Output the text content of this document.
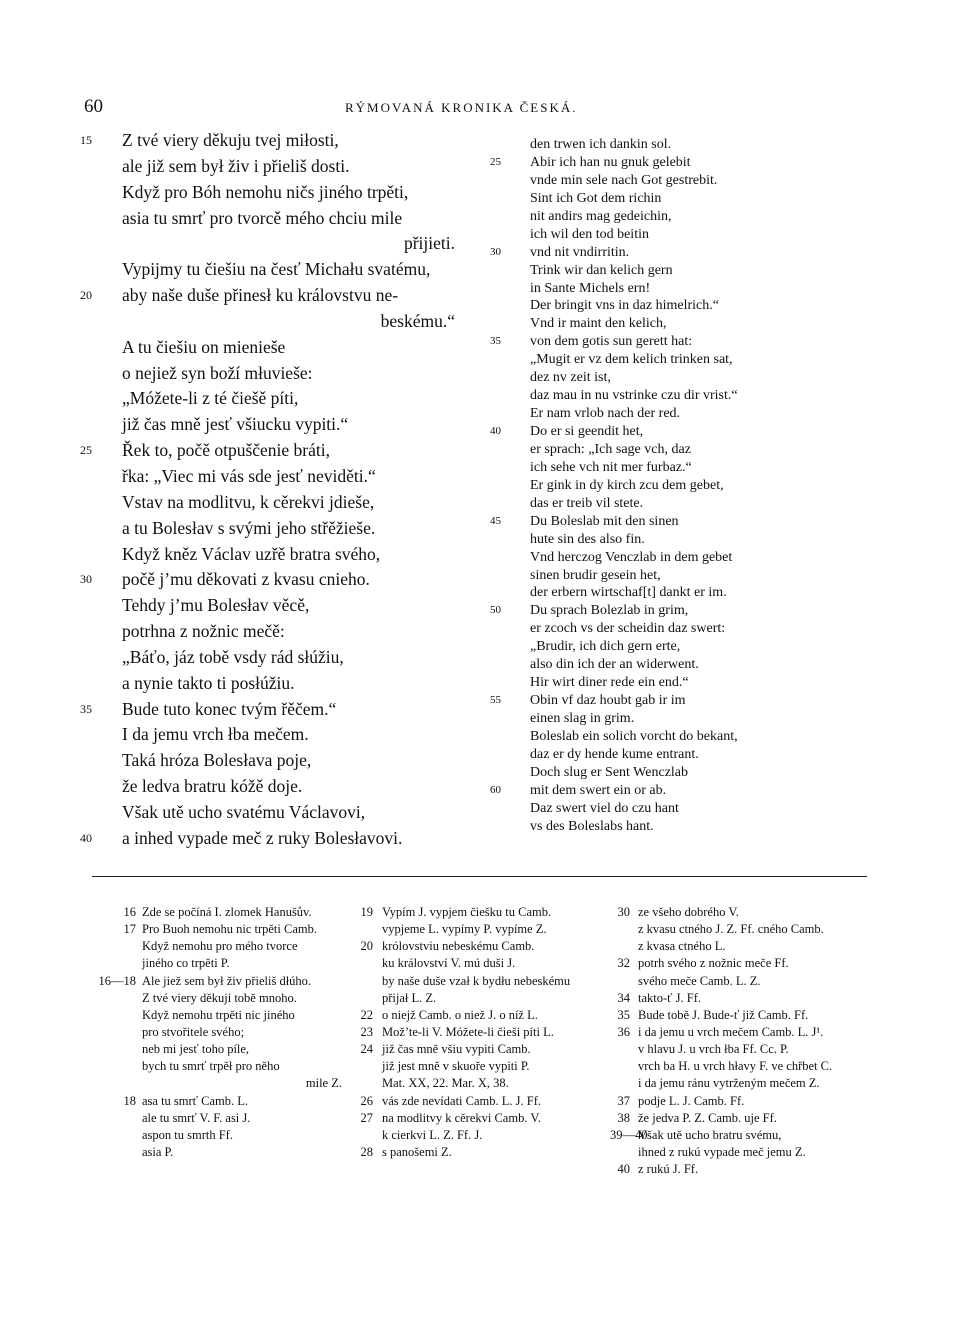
60	RÝMOVANÁ KRONIKA ČESKÁ.
15	Z tvé viery děkuju tvej miłosti,
ale již sem był živ i přieliš dosti.
Když pro Bóh nemohu ničs jiného trpěti,
asia tu smrť pro tvorcě mého chciu mile
přijieti.
Vypijmy tu čiešiu na česť Michału svatému,
20	aby naše duše přinesł ku královstvu ne-
beskému.“
A tu čiešiu on mieniеše
o nejiež syn boží młuvieše:
„Móžete-li z té čiešě píti,
již čas mně jesť všiucku vypiti.“
25	Řek to, počě otpuščenie bráti,
řka: „Viec mi vás sde jesť neviděti.“
Vstav na modlitvu, k cěrekvi jdieše,
a tu Bolesłav s svými jeho střěžieše.
Když kněz Václav uzřě bratra svého,
30	počě j’mu děkovati z kvasu cnieho.
Tehdy j’mu Bolesłav věcě,
potrhna z nožnic mečě:
„Báťo, jáz tobě vsdy rád słúžiu,
a nynie takto ti posłúžiu.
35	Bude tuto konec tvým řěčem.“
I da jemu vrch łba mečem.
Taká hróza Bolesłava poje,
že ledva bratru kóžě doje.
Však utě ucho svatému Václavovi,
40	a inhed vypade meč z ruky Bolesłavovi.
den trwen ich dankin sol.
25	Abir ich han nu gnuk gelebit
vnde min sele nach Got gestrebit.
Sint ich Got dem richin
nit andirs mag gedeichin,
ich wil den tod beitin
30	vnd nit vndirritin.
Trink wir dan kelich gern
in Sante Michels ern!
Der bringit vns in daz himelrich.“
Vnd ir maint den kelich,
35	von dem gotis sun gerett hat:
„Mugit er vz dem kelich trinken sat,
dez nv zeit ist,
daz mau in nu vstrinke czu dir vrist.“
Er nam vrlob nach der red.
40	Do er si geendit het,
er sprach: „Ich sage vch, daz
ich sehe vch nit mer furbaz.“
Er gink in dy kirch zcu dem gebet,
das er treib vil stete.
45	Du Boleslab mit den sinen
hute sin des also fin.
Vnd herczog Venczlab in dem gebet
sinen brudir gesein het,
der erbern wirtschaf[t] dankt er im.
50	Du sprach Bolezlab in grim,
er zcoch vs der scheidin daz swert:
„Brudir, ich dich gern erte,
also din ich der an widerwent.
Hir wirt diner rede ein end.“
55	Obin vf daz houbt gab ir im
einen slag in grim.
Boleslab ein solich vorcht do bekant,
daz er dy hende kume entrant.
Doch slug er Sent Wenczlab
60	mit dem swert ein or ab.
Daz swert viel do czu hant
vs des Boleslabs hant.
16 Zde se počíná I. zlomek Hanušův.
17 Pro Buoh nemohu nic trpěti Camb.
Když nemohu pro mého tvorce
jiného co trpěti P.
16—18 Ale jiež sem był živ přieliš dłúho.
Z tvé viery děkuji tobě mnoho.
Když nemohu trpěti nic jiného
pro stvořitele svého;
neb mi jesť toho píle,
bych tu smrť trpěł pro něho
mile Z.
18 asa tu smrť Camb. L.
ale tu smrť V. F. asi J.
aspon tu smrth Ff.
asia P.
19 Vypím J. vypjem čiešku tu Camb.
vypjeme L. vypímy P. vypíme Z.
20 królovstviu nebeskému Camb.
ku království V. mú duši J.
by naše duše vzał k bydłu nebeskému
přijał L. Z.
22 o niejž Camb. o niež J. o níž L.
23 Mož’te-li V. Móžete-li čieši píti L.
24 již čas mně všiu vypiti Camb.
již jest mně v skuoře vypiti P.
Mat. XX, 22. Mar. X, 38.
26 vás zde nevídati Camb. L. J. Ff.
27 na modlitvy k cěrekvi Camb. V.
k cierkvi L. Z. Ff. J.
28 s panošemi Z.
30 ze všeho dobrého V.
z kvasu ctného J. Z. Ff. cného Camb.
z kvasa ctného L.
32 potrh svého z nožnic meče Ff.
svého meče Camb. L. Z.
34 takto-ť J. Ff.
35 Bude tobě J. Bude-ť již Camb. Ff.
36 i da jemu u vrch mečem Camb. L. J¹.
v hlavu J. u vrch łba Ff. Cc. P.
vrch ba H. u vrch hłavy F. ve chřbet C.
i da jemu ránu vytrženým mečem Z.
37 podje L. J. Camb. Ff.
38 že jedva P. Z. Camb. uje Ff.
39—40
Však utě ucho bratru svému,
ihned z rukú vypade meč jemu Z.
40 z rukú J. Ff.
